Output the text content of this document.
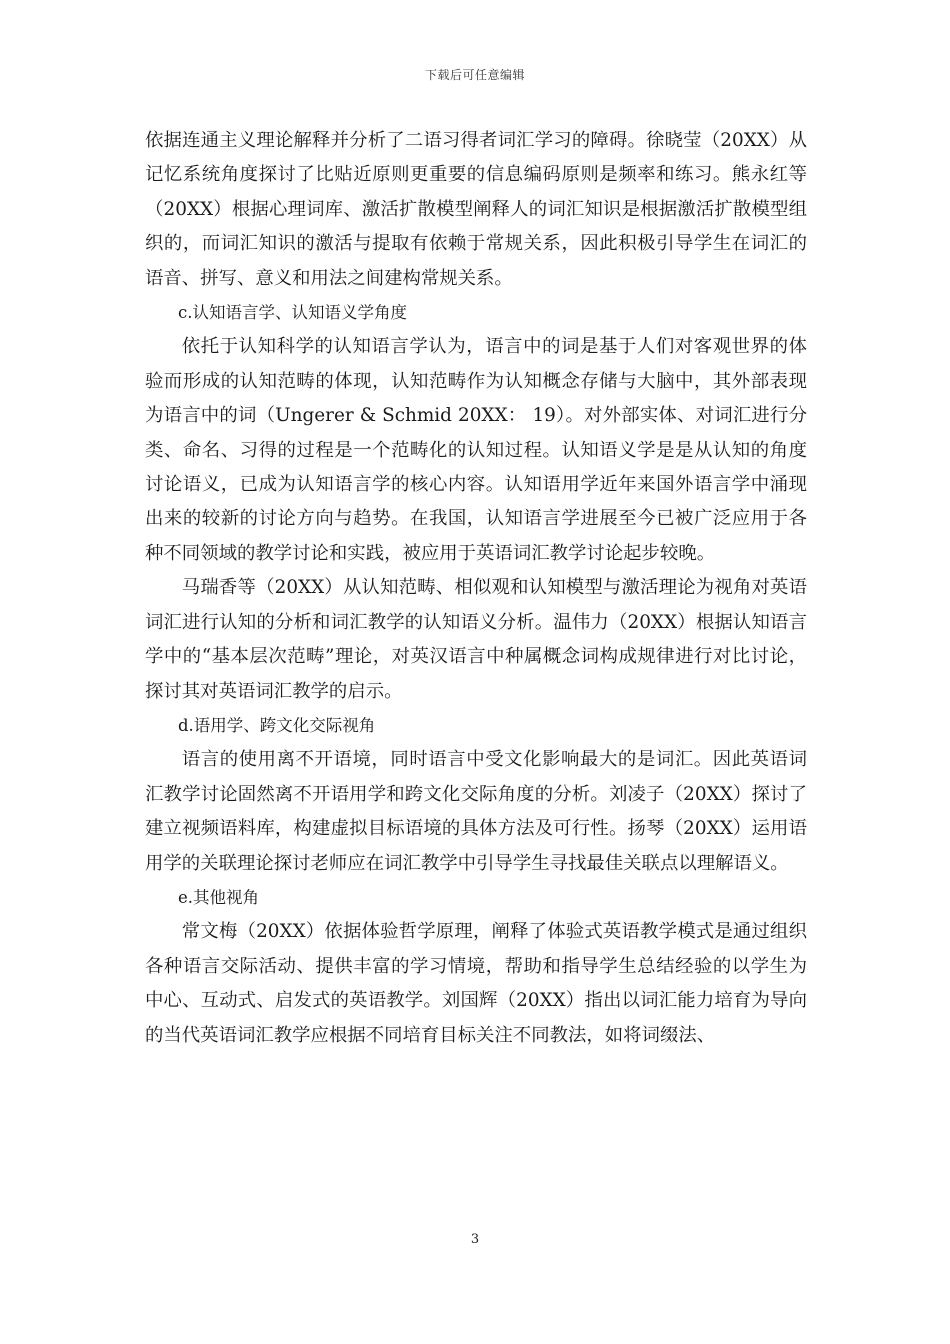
下载后可任意编辑

依据连通主义理论解释并分析了二语习得者词汇学习的障碍。徐晓莹（20XX）从记忆系统角度探讨了比贴近原则更重要的信息编码原则是频率和练习。熊永红等（20XX）根据心理词库、激活扩散模型阐释人的词汇知识是根据激活扩散模型组织的，而词汇知识的激活与提取有依赖于常规关系，因此积极引导学生在词汇的语音、拼写、意义和用法之间建构常规关系。

c.认知语言学、认知语义学角度

依托于认知科学的认知语言学认为，语言中的词是基于人们对客观世界的体验而形成的认知范畴的体现，认知范畴作为认知概念存储与大脑中，其外部表现为语言中的词（Ungerer & Schmid 20XX： 19）。对外部实体、对词汇进行分类、命名、习得的过程是一个范畴化的认知过程。认知语义学是是从认知的角度讨论语义，已成为认知语言学的核心内容。认知语用学近年来国外语言学中涌现出来的较新的讨论方向与趋势。在我国，认知语言学进展至今已被广泛应用于各种不同领域的教学讨论和实践，被应用于英语词汇教学讨论起步较晚。

马瑞香等（20XX）从认知范畴、相似观和认知模型与激活理论为视角对英语词汇进行认知的分析和词汇教学的认知语义分析。温伟力（20XX）根据认知语言学中的“基本层次范畴”理论，对英汉语言中种属概念词构成规律进行对比讨论，探讨其对英语词汇教学的启示。

d.语用学、跨文化交际视角

语言的使用离不开语境，同时语言中受文化影响最大的是词汇。因此英语词汇教学讨论固然离不开语用学和跨文化交际角度的分析。刘凌子（20XX）探讨了建立视频语料库，构建虚拟目标语境的具体方法及可行性。扬琴（20XX）运用语用学的关联理论探讨老师应在词汇教学中引导学生寻找最佳关联点以理解语义。

e.其他视角

常文梅（20XX）依据体验哲学原理，阐释了体验式英语教学模式是通过组织各种语言交际活动、提供丰富的学习情境，帮助和指导学生总结经验的以学生为中心、互动式、启发式的英语教学。刘国辉（20XX）指出以词汇能力培育为导向的当代英语词汇教学应根据不同培育目标关注不同教法，如将词缀法、

3
